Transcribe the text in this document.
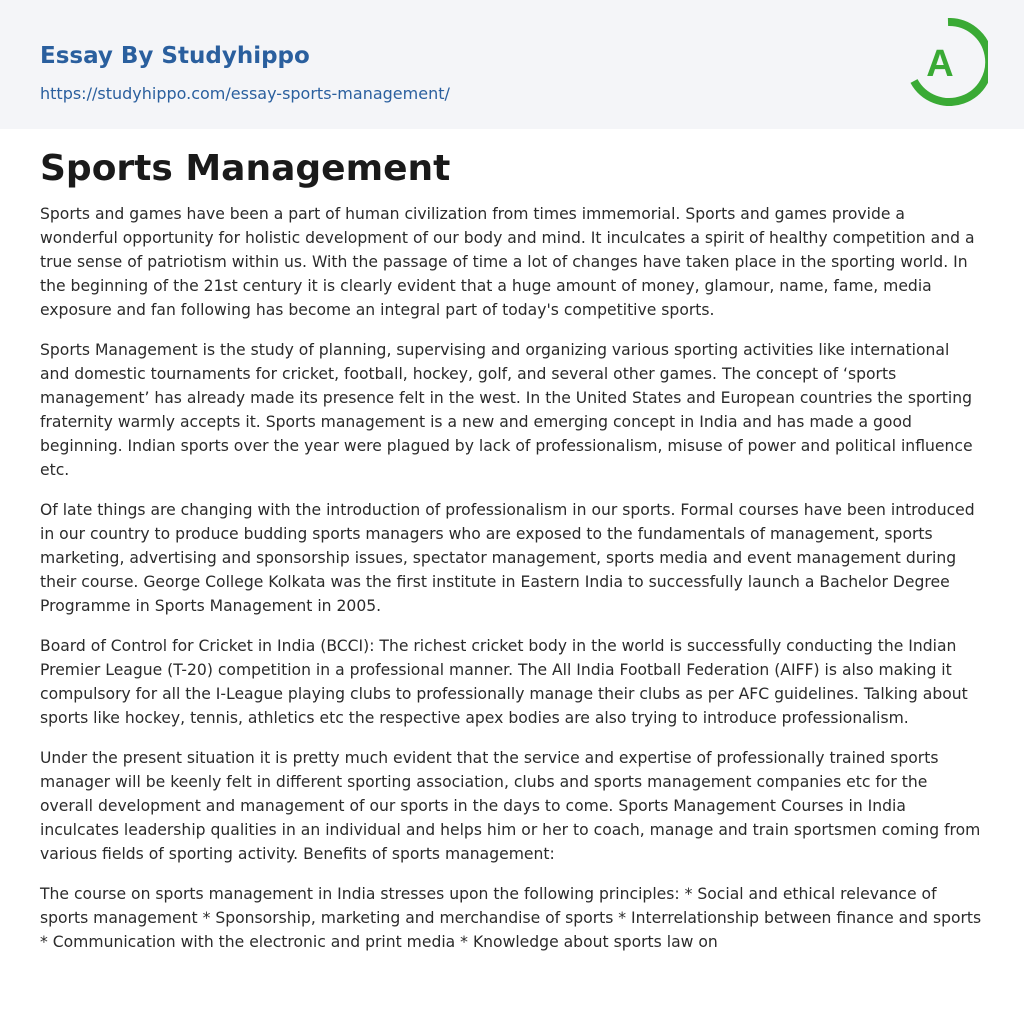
Essay By Studyhippo
https://studyhippo.com/essay-sports-management/
A
Sports Management

Sports and games have been a part of human civilization from times immemorial. Sports and games provide a wonderful opportunity for holistic development of our body and mind. It inculcates a spirit of healthy competition and a true sense of patriotism within us. With the passage of time a lot of changes have taken place in the sporting world. In the beginning of the 21st century it is clearly evident that a huge amount of money, glamour, name, fame, media exposure and fan following has become an integral part of today's competitive sports.

Sports Management is the study of planning, supervising and organizing various sporting activities like international and domestic tournaments for cricket, football, hockey, golf, and several other games. The concept of ‘sports management’ has already made its presence felt in the west. In the United States and European countries the sporting fraternity warmly accepts it. Sports management is a new and emerging concept in India and has made a good beginning. Indian sports over the year were plagued by lack of professionalism, misuse of power and political influence etc.

Of late things are changing with the introduction of professionalism in our sports. Formal courses have been introduced in our country to produce budding sports managers who are exposed to the fundamentals of management, sports marketing, advertising and sponsorship issues, spectator management, sports media and event management during their course. George College Kolkata was the first institute in Eastern India to successfully launch a Bachelor Degree Programme in Sports Management in 2005.

Board of Control for Cricket in India (BCCI): The richest cricket body in the world is successfully conducting the Indian Premier League (T-20) competition in a professional manner. The All India Football Federation (AIFF) is also making it compulsory for all the I-League playing clubs to professionally manage their clubs as per AFC guidelines. Talking about sports like hockey, tennis, athletics etc the respective apex bodies are also trying to introduce professionalism.

Under the present situation it is pretty much evident that the service and expertise of professionally trained sports manager will be keenly felt in different sporting association, clubs and sports management companies etc for the overall development and management of our sports in the days to come. Sports Management Courses in India inculcates leadership qualities in an individual and helps him or her to coach, manage and train sportsmen coming from various fields of sporting activity. Benefits of sports management:

The course on sports management in India stresses upon the following principles: * Social and ethical relevance of sports management * Sponsorship, marketing and merchandise of sports * Interrelationship between finance and sports * Communication with the electronic and print media * Knowledge about sports law on
